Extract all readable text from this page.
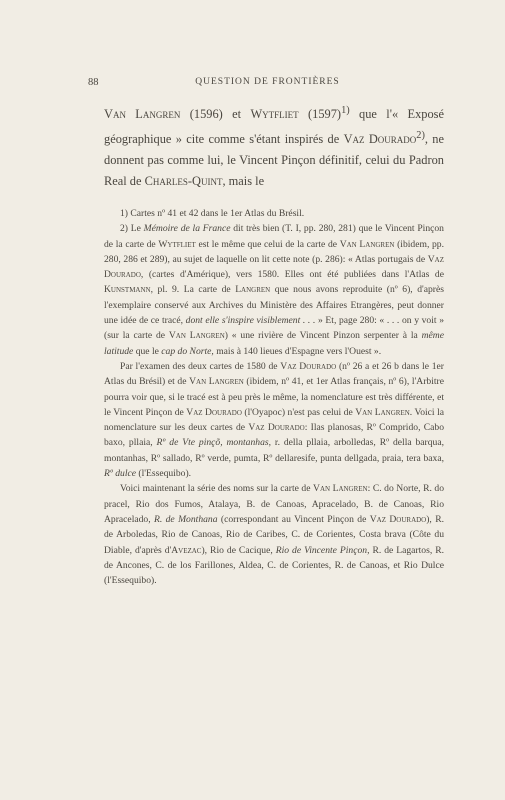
88	QUESTION DE FRONTIÈRES

Van Langren (1596) et Wytfliet $(1597)^{1)}$ que l'« Exposé géographique » cite comme s'étant inspirés de Vaz Dourado$^{2)}$, ne donnent pas comme lui, le Vincent Pinçon définitif, celui du Padron Real de Charles-Quint, mais le

1) Cartes nº 41 et 42 dans le 1er Atlas du Brésil.

2) Le Mémoire de la France dit très bien (T. I, pp. 280, 281) que le Vincent Pinçon de la carte de Wytfliet est le même que celui de la carte de Van Langren (ibidem, pp. 280, 286 et 289), au sujet de laquelle on lit cette note (p. 286): « Atlas portugais de Vaz Dourado, (cartes d'Amérique), vers 1580. Elles ont été publiées dans l'Atlas de Kunstmann, pl. 9. La carte de Langren que nous avons reproduite (nº 6), d'après l'exemplaire conservé aux Archives du Ministère des Affaires Etrangères, peut donner une idée de ce tracé, dont elle s'inspire visiblement . . . » Et, page 280: « . . . on y voit » (sur la carte de Van Langren) « une rivière de Vincent Pinzon serpenter à la même latitude que le cap do Norte, mais à 140 lieues d'Espagne vers l'Ouest ».

Par l'examen des deux cartes de 1580 de Vaz Dourado (nº 26 a et 26 b dans le 1er Atlas du Brésil) et de Van Langren (ibidem, nº 41, et 1er Atlas français, nº 6), l'Arbitre pourra voir que, si le tracé est à peu près le même, la nomenclature est très différente, et le Vincent Pinçon de Vaz Dourado (l'Oyapoc) n'est pas celui de Van Langren. Voici la nomenclature sur les deux cartes de Vaz Dourado: Ilas planosas, Rº Comprido, Cabo baxo, pllaia, Rº de Vte pinçõ, montanhas, r. della pllaia, arbolledas, Rº della barqua, montanhas, Rº sallado, Rº verde, pumta, Rº dellaresife, punta dellgada, praia, tera baxa, Rº dulce (l'Essequibo).

Voici maintenant la série des noms sur la carte de Van Langren: C. do Norte, R. do pracel, Rio dos Fumos, Atalaya, B. de Canoas, Apracelado, B. de Canoas, Rio Apracelado, R. de Monthana (correspondant au Vincent Pinçon de Vaz Dourado), R. de Arboledas, Rio de Canoas, Rio de Caribes, C. de Corientes, Costa brava (Côte du Diable, d'après d'Avezac), Rio de Cacique, Rio de Vincente Pinçon, R. de Lagartos, R. de Ancones, C. de los Farillones, Aldea, C. de Corientes, R. de Canoas, et Rio Dulce (l'Essequibo).
